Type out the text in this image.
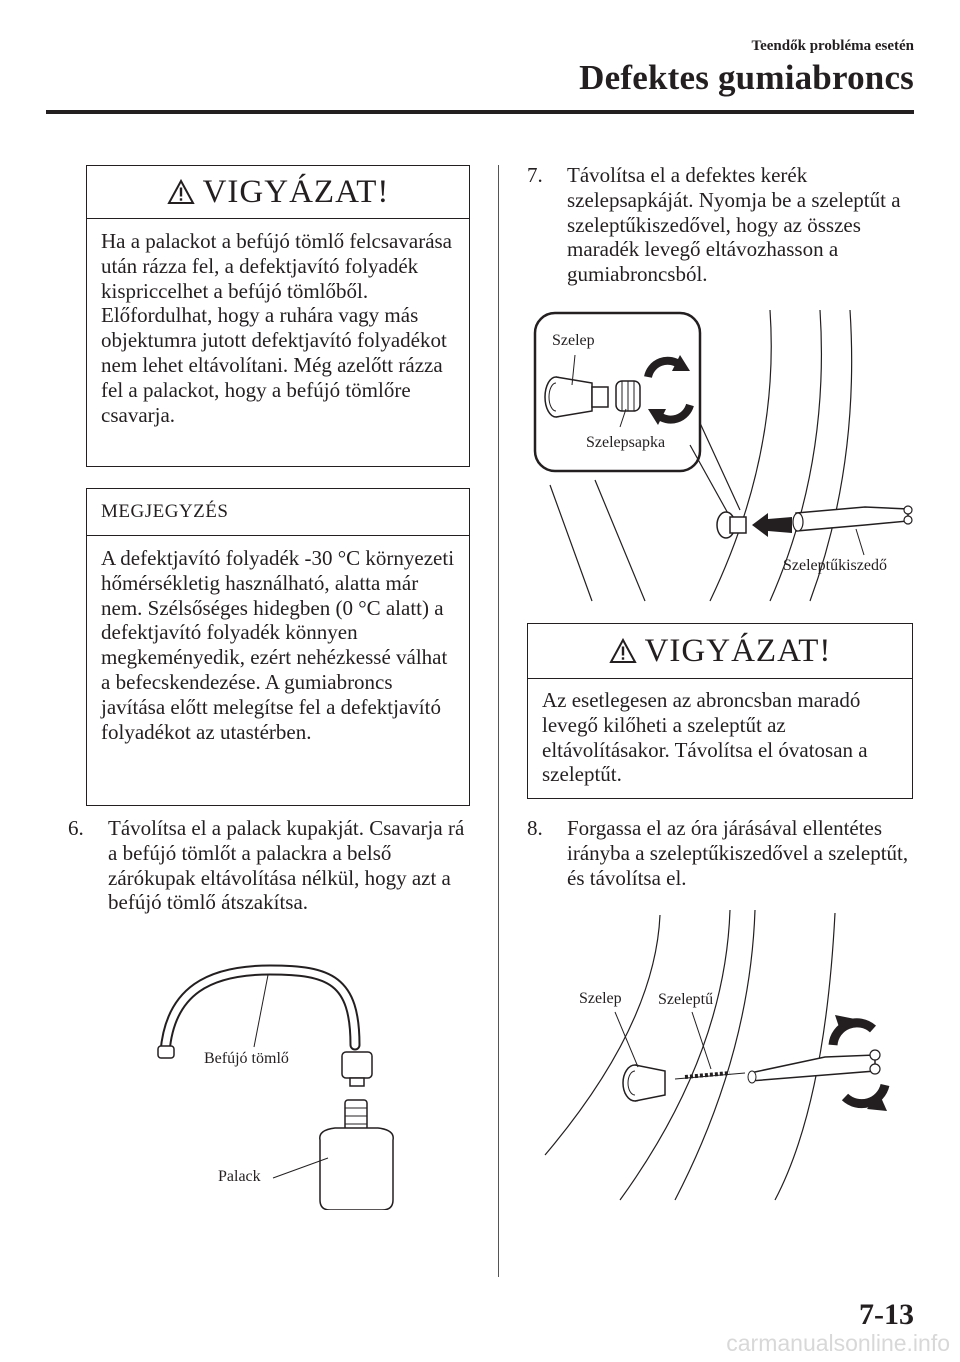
Teendők probléma esetén
Defektes gumiabroncs
VIGYÁZAT!
Ha a palackot a befújó tömlő felcsavarása után rázza fel, a defektjavító folyadék kispriccelhet a befújó tömlőből. Előfordulhat, hogy a ruhára vagy más objektumra jutott defektjavító folyadékot nem lehet eltávolítani. Még azelőtt rázza fel a palackot, hogy a befújó tömlőre csavarja.
MEGJEGYZÉS
A defektjavító folyadék -30 °C környezeti hőmérsékletig használható, alatta már nem. Szélsőséges hidegben (0 °C alatt) a defektjavító folyadék könnyen megkeményedik, ezért nehézkessé válhat a befecskendezése. A gumiabroncs javítása előtt melegítse fel a defektjavító folyadékot az utastérben.
6. Távolítsa el a palack kupakját. Csavarja rá a befújó tömlőt a palackra a belső zárókupak eltávolítása nélkül, hogy azt a befújó tömlő átszakítsa.
Befújó tömlő
Palack
7. Távolítsa el a defektes kerék szelepsapkáját. Nyomja be a szeleptűt a szeleptűkiszedővel, hogy az összes maradék levegő eltávozhasson a gumiabroncsból.
Szelep
Szelepsapka
Szeleptűkiszedő
VIGYÁZAT!
Az esetlegesen az abroncsban maradó levegő kilőheti a szeleptűt az eltávolításakor. Távolítsa el óvatosan a szeleptűt.
8. Forgassa el az óra járásával ellentétes irányba a szeleptűkiszedővel a szeleptűt, és távolítsa el.
Szelep Szeleptű
7-13
carmanualsonline.info
